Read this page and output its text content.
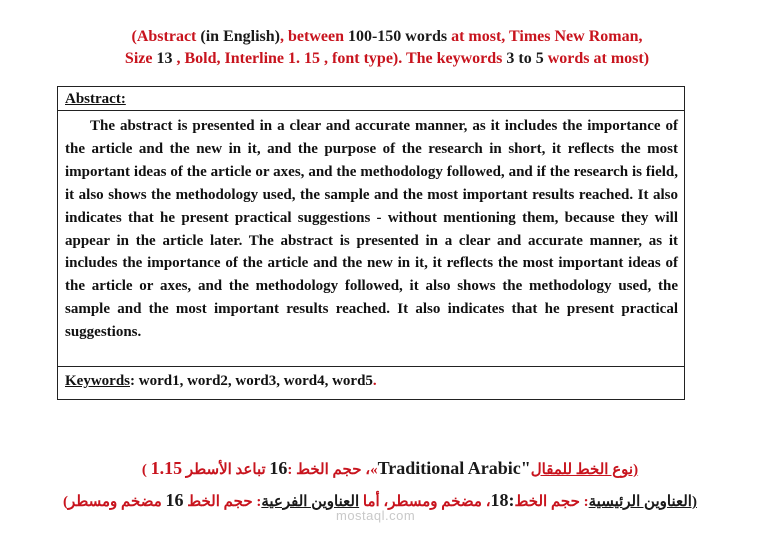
(Abstract (in English), between 100-150 words at most, Times New Roman,
Size 13 , Bold, Interline 1. 15 , font type). The keywords 3 to 5 words at most)
Abstract:
The abstract is presented in a clear and accurate manner, as it includes the importance of the article and the new in it, and the purpose of the research in short, it reflects the most important ideas of the article or axes, and the methodology followed, and if the research is field, it also shows the methodology used, the sample and the most important results reached. It also indicates that he present practical suggestions - without mentioning them, because they will appear in the article later. The abstract is presented in a clear and accurate manner, as it includes the importance of the article and the new in it, it reflects the most important ideas of the article or axes, and the methodology followed, it also shows the methodology used, the sample and the most important results reached. It also indicates that he present practical suggestions.
Keywords: word1, word2, word3, word4, word5.
(نوع الخط للمقال"Traditional Arabic»، حجم الخط :16 تباعد الأسطر 1.15 )
(العناوين الرئيسية: حجم الخط:18، مضخم ومسطر، أما العناوين الفرعية: حجم الخط 16 مضخم ومسطر)
mostaql.com
